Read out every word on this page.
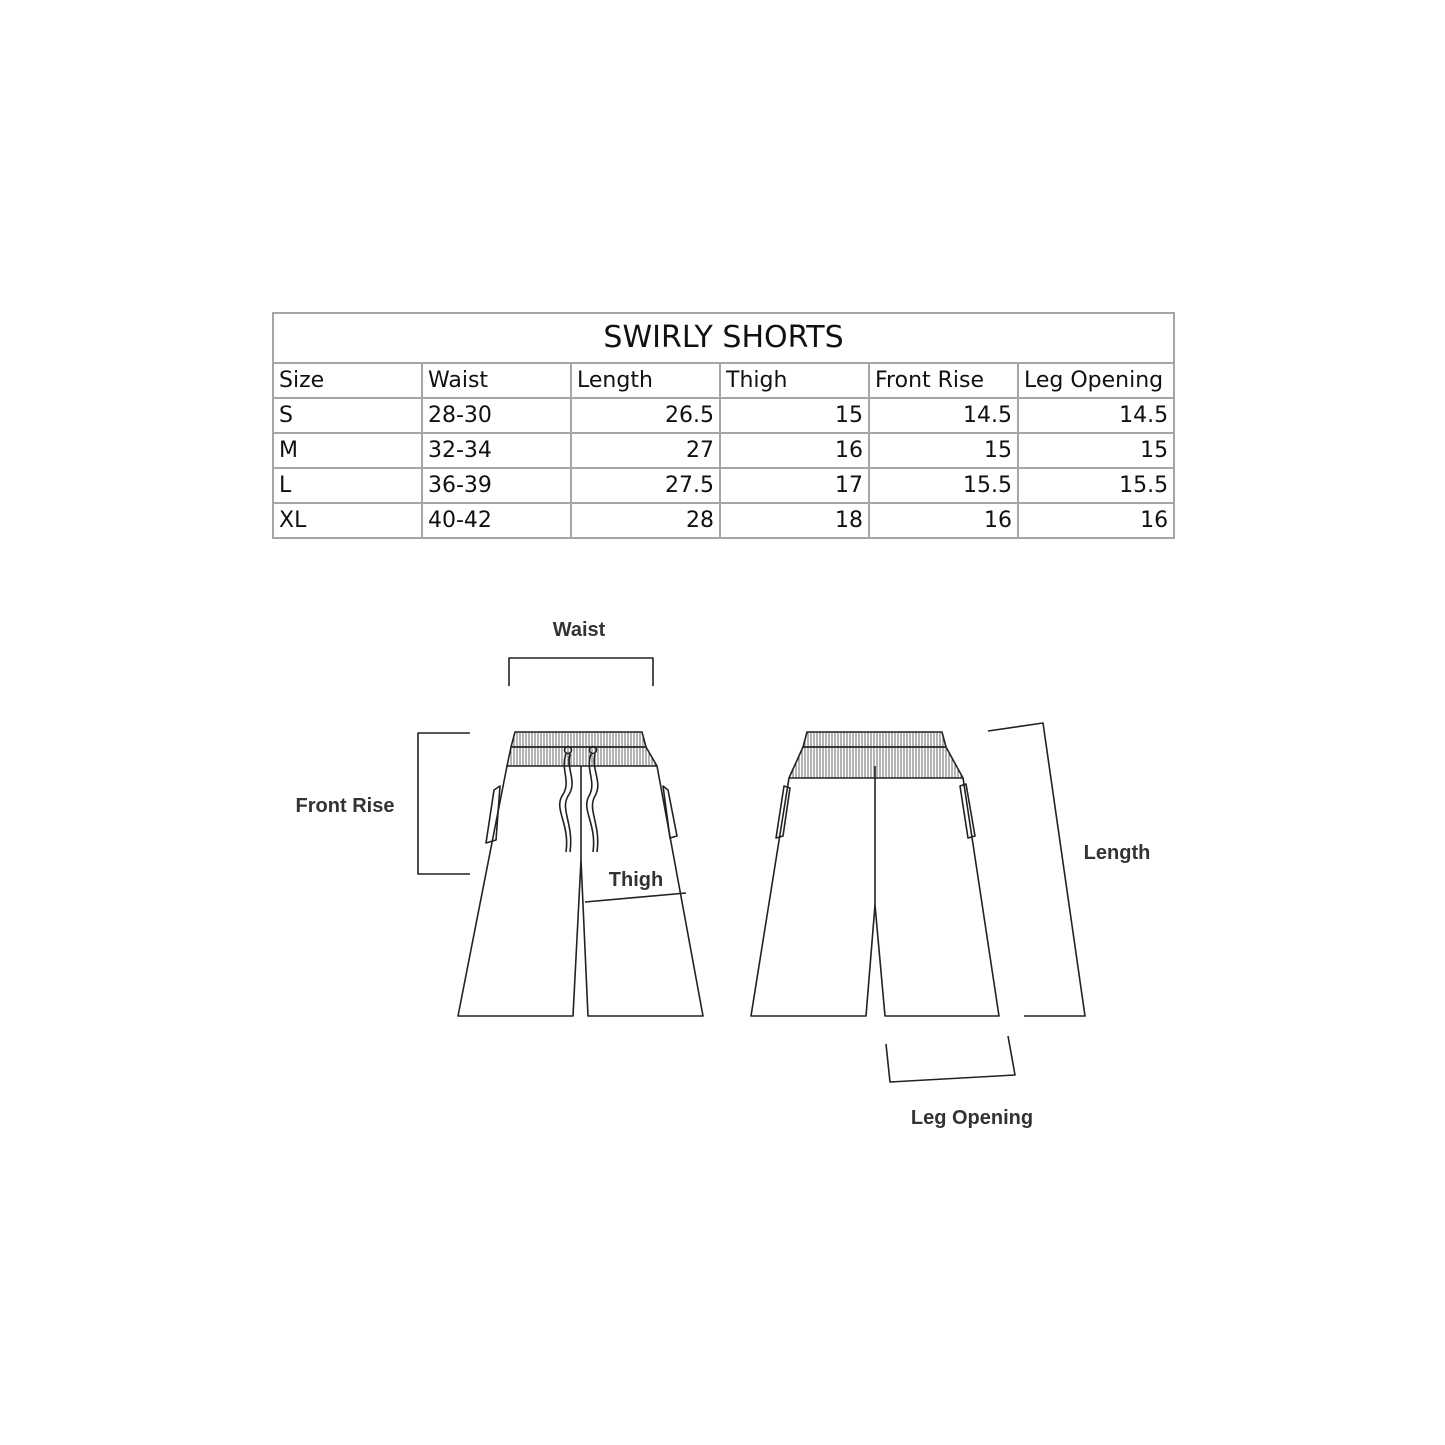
SWIRLY SHORTS					
Size	Waist	Length	Thigh	Front Rise	Leg Opening
S	28-30	26.5	15	14.5	14.5
M	32-34	27	16	15	15
L	36-39	27.5	17	15.5	15.5
XL	40-42	28	18	16	16
Waist
Front Rise
Thigh
Length
Leg Opening
